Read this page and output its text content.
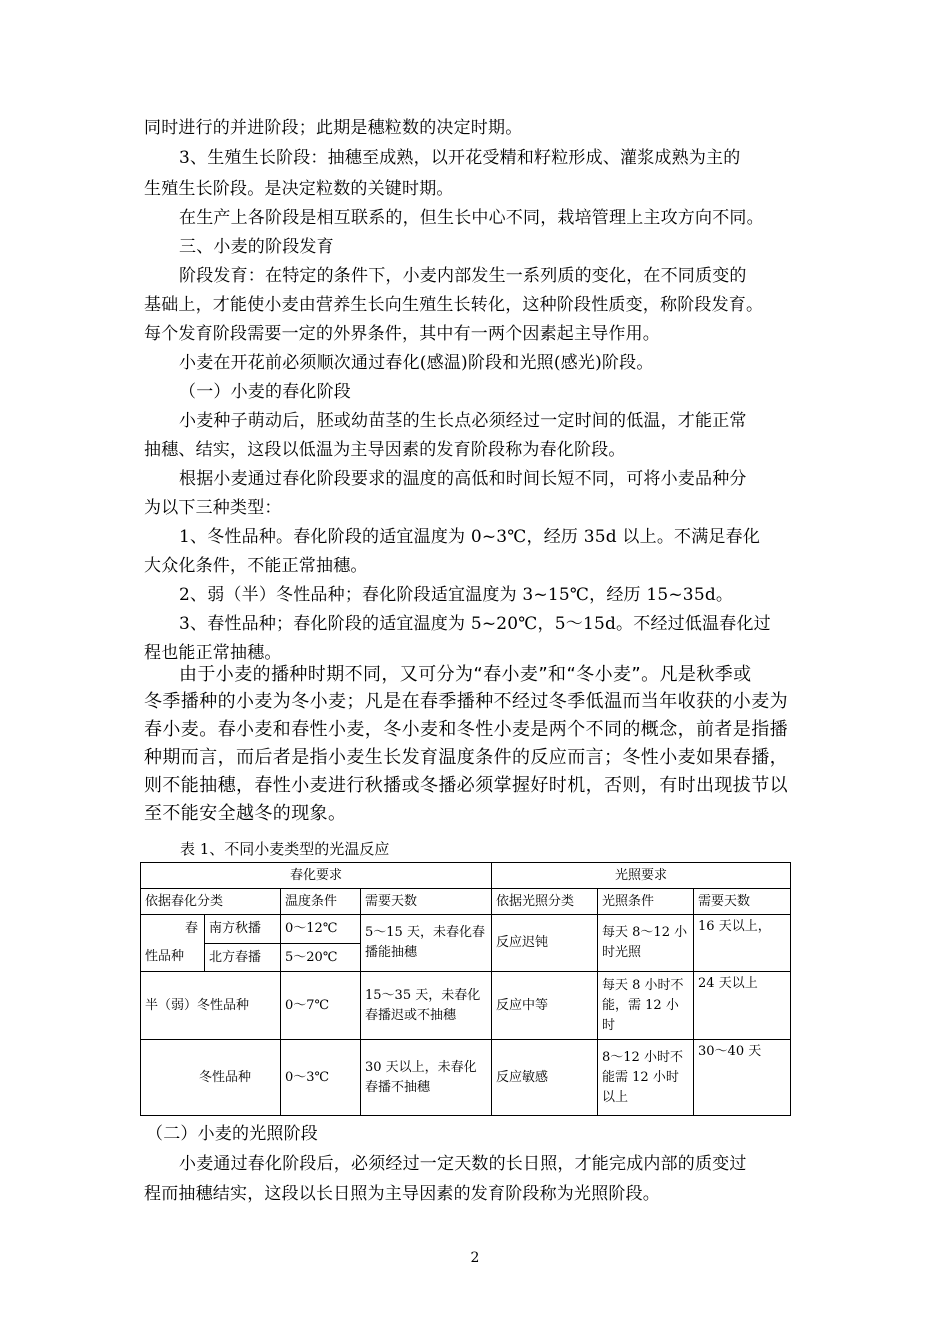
同时进行的并进阶段；此期是穗粒数的决定时期。
3、生殖生长阶段：抽穗至成熟，以开花受精和籽粒形成、灌浆成熟为主的
生殖生长阶段。是决定粒数的关键时期。
在生产上各阶段是相互联系的，但生长中心不同，栽培管理上主攻方向不同。
三、小麦的阶段发育
阶段发育：在特定的条件下，小麦内部发生一系列质的变化，在不同质变的
基础上，才能使小麦由营养生长向生殖生长转化，这种阶段性质变，称阶段发育。
每个发育阶段需要一定的外界条件，其中有一两个因素起主导作用。
小麦在开花前必须顺次通过春化(感温)阶段和光照(感光)阶段。
（一）小麦的春化阶段
小麦种子萌动后，胚或幼苗茎的生长点必须经过一定时间的低温，才能正常
抽穗、结实，这段以低温为主导因素的发育阶段称为春化阶段。
根据小麦通过春化阶段要求的温度的高低和时间长短不同，可将小麦品种分
为以下三种类型：
1、冬性品种。春化阶段的适宜温度为 0~3℃，经历 35d 以上。不满足春化
大众化条件，不能正常抽穗。
2、弱（半）冬性品种；春化阶段适宜温度为 3~15℃，经历 15~35d。
3、春性品种；春化阶段的适宜温度为 5~20℃，5～15d。不经过低温春化过
程也能正常抽穗。
由于小麦的播种时期不同，又可分为“春小麦”和“冬小麦”。凡是秋季或
冬季播种的小麦为冬小麦；凡是在春季播种不经过冬季低温而当年收获的小麦为
春小麦。春小麦和春性小麦，冬小麦和冬性小麦是两个不同的概念，前者是指播
种期而言，而后者是指小麦生长发育温度条件的反应而言；冬性小麦如果春播，
则不能抽穗，春性小麦进行秋播或冬播必须掌握好时机，否则，有时出现拔节以
至不能安全越冬的现象。
表 1、不同小麦类型的光温反应
春化要求				光照要求		
依据春化分类		温度条件	需要天数	依据光照分类	光照条件	需要天数

春
性品种	南方秋播	0～12℃	5～15 天，未春化春播能抽穗	反应迟钝	每天 8～12 小时光照	16 天以上，
	北方春播	5～20℃				
半（弱）冬性品种		0～7℃	15～35 天，未春化春播迟或不抽穗	反应中等	每天 8 小时不能，需 12 小时	24 天以上
冬性品种		0～3℃	30 天以上，未春化春播不抽穗	反应敏感	8～12 小时不能需 12 小时以上	30～40 天
（二）小麦的光照阶段
小麦通过春化阶段后，必须经过一定天数的长日照，才能完成内部的质变过
程而抽穗结实，这段以长日照为主导因素的发育阶段称为光照阶段。
2
